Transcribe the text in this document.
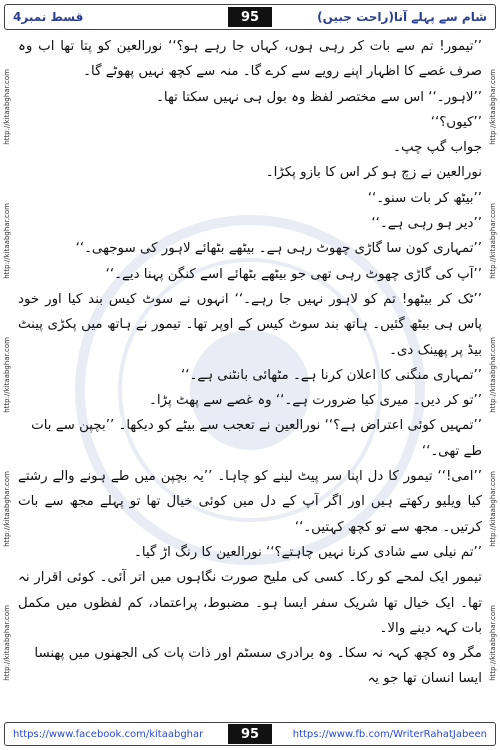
قسط نمبر4	95	شام سے پہلے آنا(راحت جبیں)
http://kitaabghar.com
http://kitaabghar.com
http://kitaabghar.com
http://kitaabghar.com
http://kitaabghar.com
http://kitaabghar.com
http://kitaabghar.com
http://kitaabghar.com
http://kitaabghar.com
http://kitaabghar.com

’’تیمور! تم سے بات کر رہی ہوں، کہاں جا رہے ہو؟‘‘ نورالعین کو پتا تھا اب وہ صرف غصے کا اظہار اپنے رویے سے کرے گا۔ منہ سے کچھ نہیں پھوٹے گا۔

’’لاہور۔‘‘ اس سے مختصر لفظ وہ بول ہی نہیں سکتا تھا۔

’’کیوں؟‘‘

جواب گپ چپ۔

نورالعین نے زچ ہو کر اس کا بازو پکڑا۔

’’بیٹھ کر بات سنو۔‘‘

’’دیر ہو رہی ہے۔‘‘

’’تمہاری کون سا گاڑی چھوٹ رہی ہے۔ بیٹھے بٹھائے لاہور کی سوجھی۔‘‘

’’آپ کی گاڑی چھوٹ رہی تھی جو بیٹھے بٹھائے اسے کنگن پہنا دیے۔‘‘

’’ٹک کر بیٹھو! تم کو لاہور نہیں جا رہے۔‘‘ انہوں نے سوٹ کیس بند کیا اور خود پاس ہی بیٹھ گئیں۔ ہاتھ بند سوٹ کیس کے اوپر تھا۔ تیمور نے ہاتھ میں پکڑی پینٹ بیڈ پر پھینک دی۔

’’تمہاری منگنی کا اعلان کرنا ہے۔ مٹھائی بانٹنی ہے۔‘‘

’’تو کر دیں۔ میری کیا ضرورت ہے۔‘‘ وہ غصے سے پھٹ پڑا۔

’’تمہیں کوئی اعتراض ہے؟‘‘ نورالعین نے تعجب سے بیٹے کو دیکھا۔ ’’بچپن سے بات طے تھی۔‘‘

’’امی!‘‘ تیمور کا دل اپنا سر پیٹ لینے کو چاہا۔ ’’یہ بچپن میں طے ہونے والے رشتے کیا ویلیو رکھتے ہیں اور اگر آپ کے دل میں کوئی خیال تھا تو پہلے مجھ سے بات کرتیں۔ مجھ سے تو کچھ کہتیں۔‘‘

’’تم نیلی سے شادی کرنا نہیں چاہتے؟‘‘ نورالعین کا رنگ اڑ گیا۔

تیمور ایک لمحے کو رکا۔ کسی کی ملیح صورت نگاہوں میں اتر آئی۔ کوئی اقرار نہ تھا۔ ایک خیال تھا شریک سفر ایسا ہو۔ مضبوط، پراعتماد، کم لفظوں میں مکمل بات کہہ دینے والا۔

مگر وہ کچھ کہہ نہ سکا۔ وہ برادری سسٹم اور ذات پات کی الجھنوں میں پھنسا ایسا انسان تھا جو یہ

https://www.facebook.com/kitaabghar	95	https://www.fb.com/WriterRahatJabeen
